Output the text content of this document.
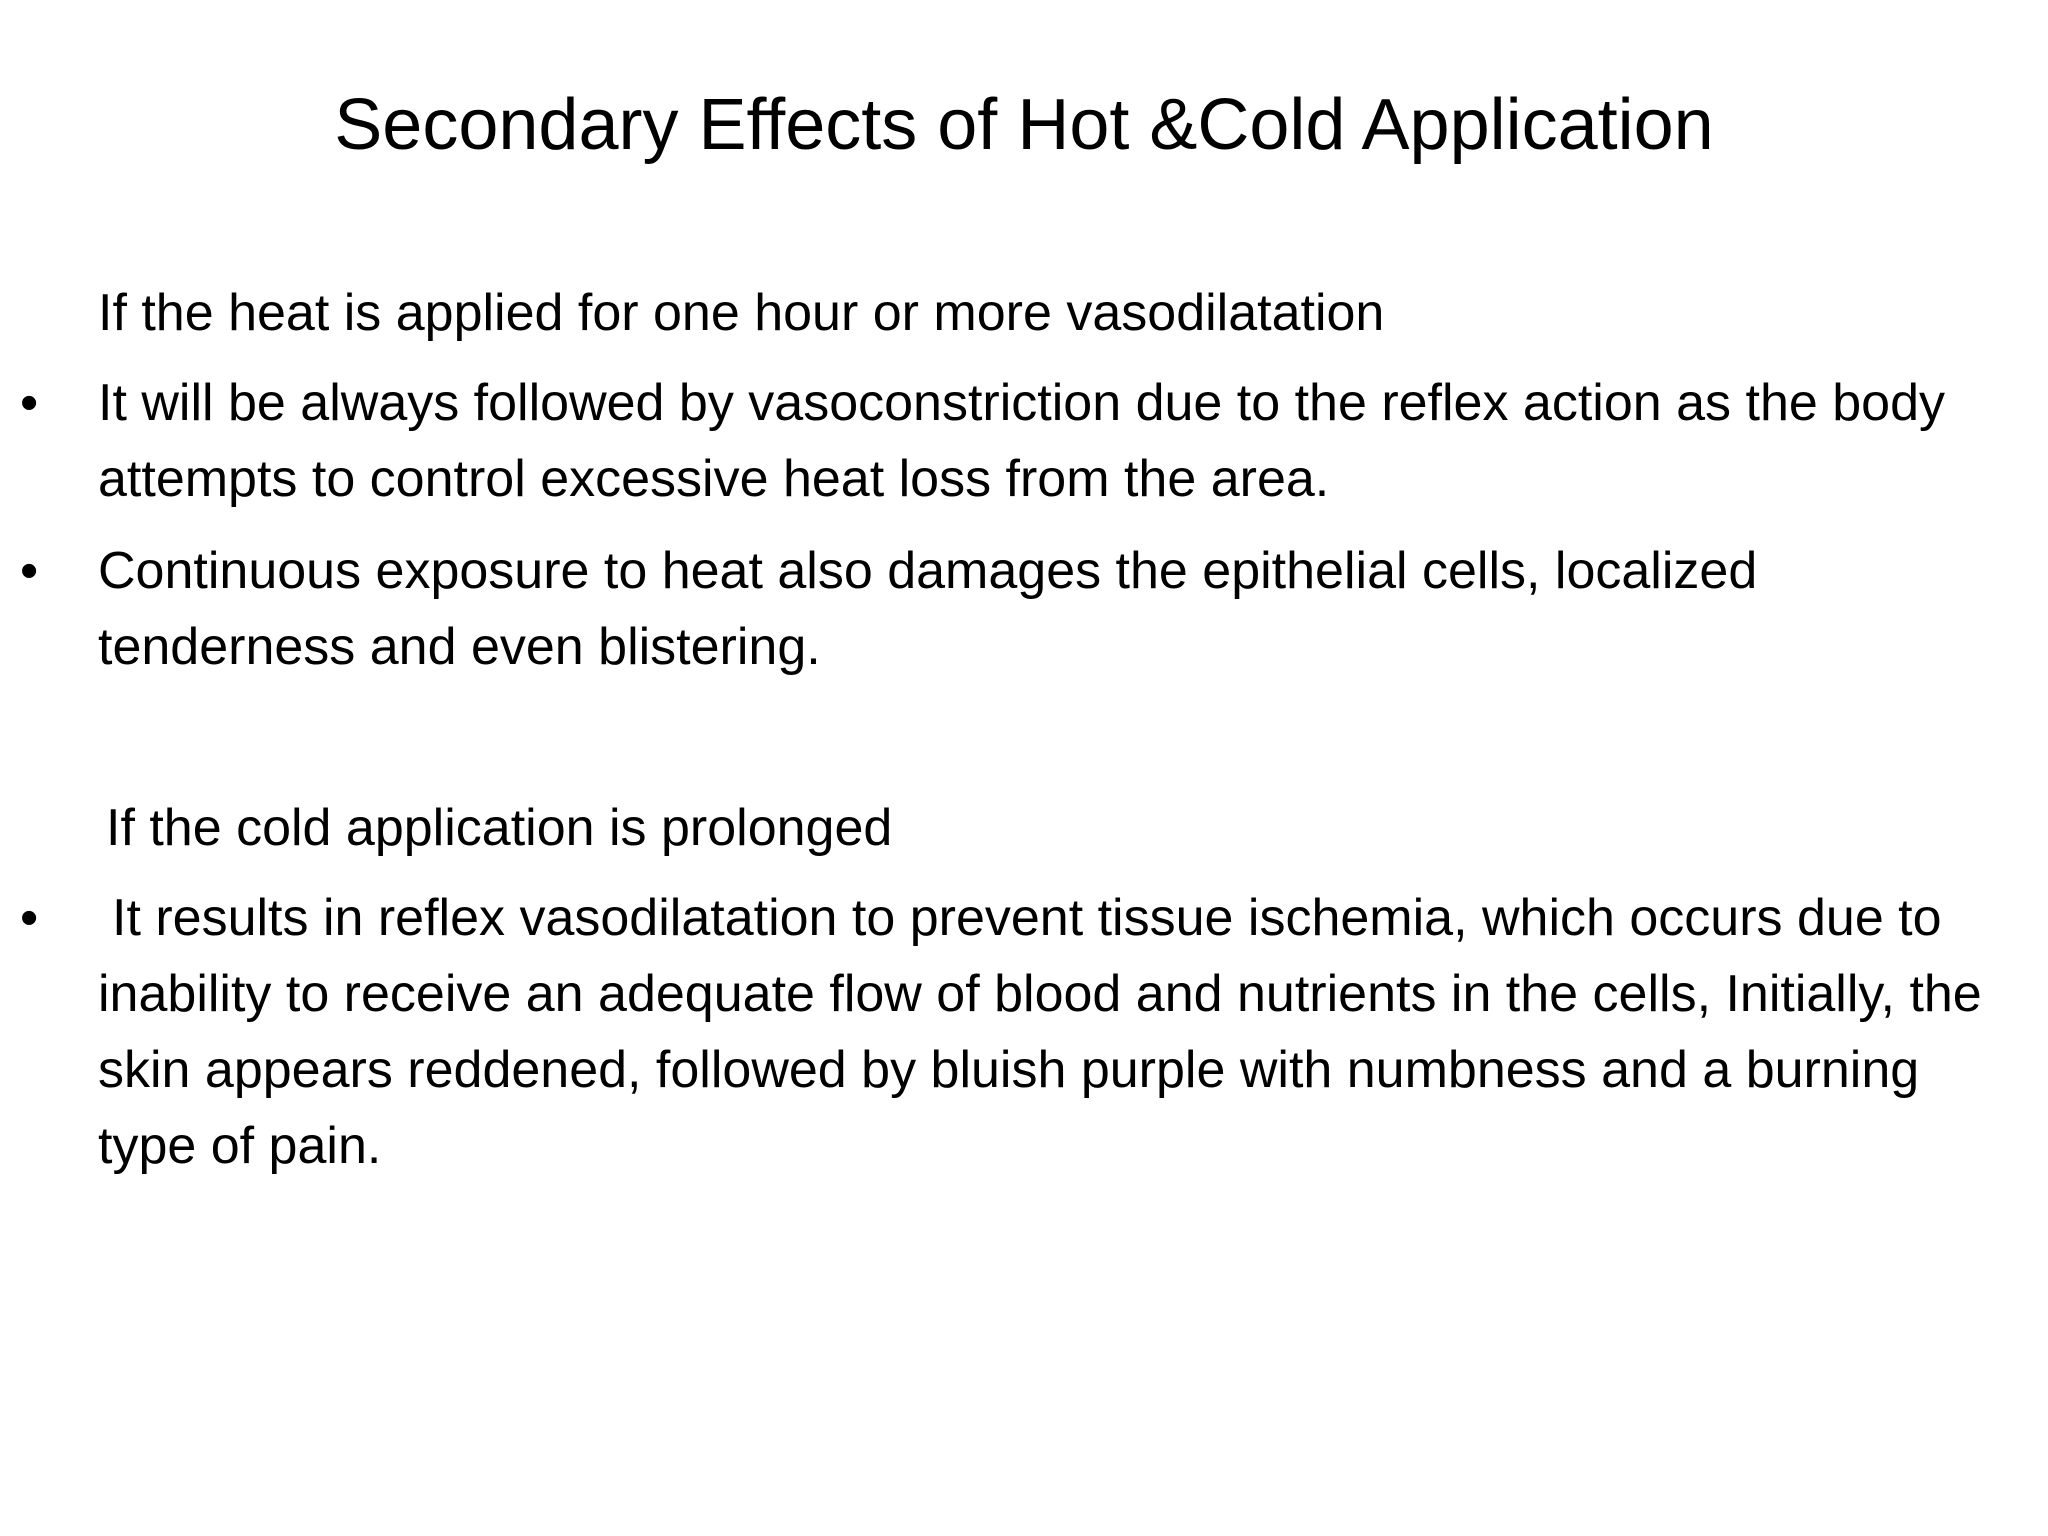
Secondary Effects of Hot &Cold Application
If the heat is applied for one hour or more vasodilatation
•	It will be always followed by vasoconstriction due to the reflex action as the body attempts to control excessive heat loss from the area.
•	Continuous exposure to heat also damages the epithelial cells, localized tenderness and even blistering.
If the cold application is prolonged
•	It results in reflex vasodilatation to prevent tissue ischemia, which occurs due to inability to receive an adequate flow of blood and nutrients in the cells, Initially, the skin appears reddened, followed by bluish purple with numbness and a burning type of pain.
